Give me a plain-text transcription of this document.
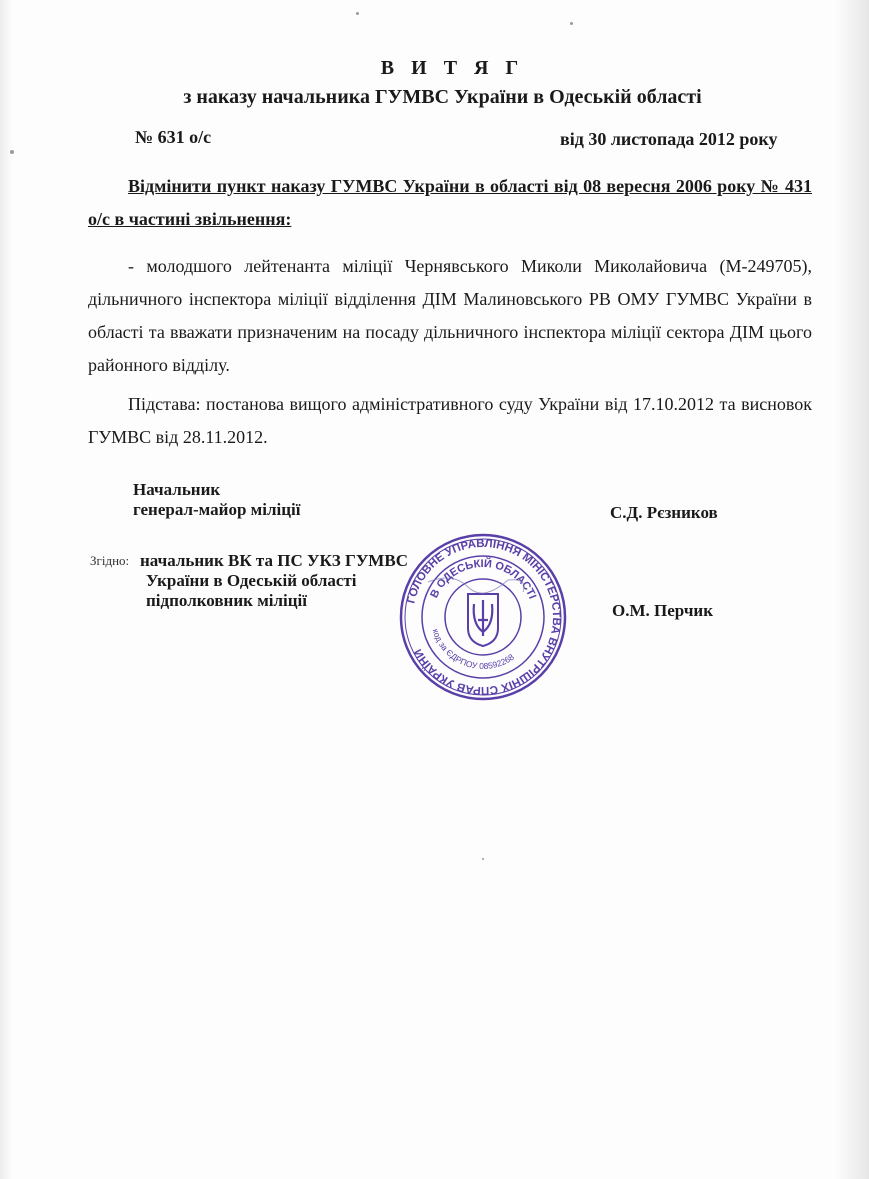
В И Т Я Г
з наказу начальника ГУМВС України в Одеській області
№ 631 о/с	від 30 листопада 2012 року
Відмінити пункт наказу ГУМВС України в області від 08 вересня 2006 року № 431 о/с в частині звільнення:
- молодшого лейтенанта міліції Чернявського Миколи Миколайовича (М-249705), дільничного інспектора міліції відділення ДІМ Малиновського РВ ОМУ ГУМВС України в області та вважати призначеним на посаду дільничного інспектора міліції сектора ДІМ цього районного відділу.
Підстава: постанова вищого адміністративного суду України від 17.10.2012 та висновок ГУМВС від 28.11.2012.
Начальник
генерал-майор міліції	С.Д. Рєзников
Згідно: начальник ВК та ПС УКЗ ГУМВС
України в Одеській області
підполковник міліції
О.М. Перчик
ГОЛОВНЕ УПРАВЛІННЯ МІНІСТЕРСТВА ВНУТРІШНІХ СПРАВ УКРАЇНИ
В ОДЕСЬКІЙ ОБЛАСТІ
код за ЄДРПОУ 08592268
